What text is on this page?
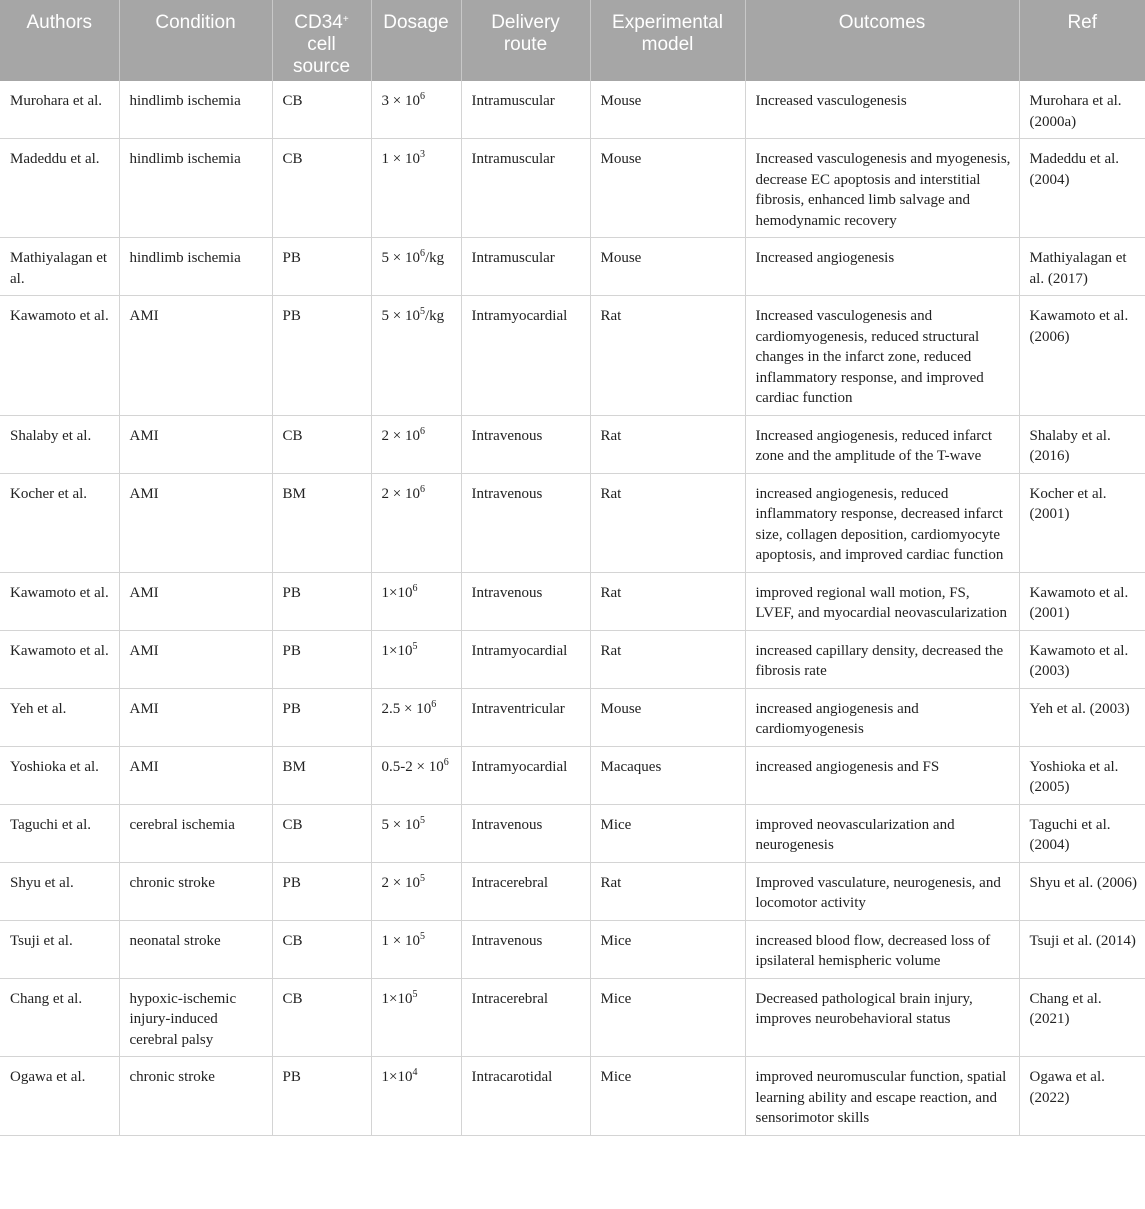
Authors	Condition	CD34+ cell source	Dosage	Delivery route	Experimental model	Outcomes	Ref
Murohara et al.	hindlimb ischemia	CB	$3 \times 10^6$	Intramuscular	Mouse	Increased vasculogenesis	Murohara et al. (2000a)
Madeddu et al.	hindlimb ischemia	CB	$1 \times 10^3$	Intramuscular	Mouse	Increased vasculogenesis and myogenesis, decrease EC apoptosis and interstitial fibrosis, enhanced limb salvage and hemodynamic recovery	Madeddu et al. (2004)
Mathiyalagan et al.	hindlimb ischemia	PB	$5 \times 10^6/kg$	Intramuscular	Mouse	Increased angiogenesis	Mathiyalagan et al. (2017)
Kawamoto et al.	AMI	PB	$5 \times 10^5/kg$	Intramyocardial	Rat	Increased vasculogenesis and cardiomyogenesis, reduced structural changes in the infarct zone, reduced inflammatory response, and improved cardiac function	Kawamoto et al. (2006)
Shalaby et al.	AMI	CB	$2 \times 10^6$	Intravenous	Rat	Increased angiogenesis, reduced infarct zone and the amplitude of the T-wave	Shalaby et al. (2016)
Kocher et al.	AMI	BM	$2 \times 10^6$	Intravenous	Rat	increased angiogenesis, reduced inflammatory response, decreased infarct size, collagen deposition, cardiomyocyte apoptosis, and improved cardiac function	Kocher et al. (2001)
Kawamoto et al.	AMI	PB	$1\times 10^6$	Intravenous	Rat	improved regional wall motion, FS, LVEF, and myocardial neovascularization	Kawamoto et al. (2001)
Kawamoto et al.	AMI	PB	$1\times 10^5$	Intramyocardial	Rat	increased capillary density, decreased the fibrosis rate	Kawamoto et al. (2003)
Yeh et al.	AMI	PB	$2.5 \times 10^6$	Intraventricular	Mouse	increased angiogenesis and cardiomyogenesis	Yeh et al. (2003)
Yoshioka et al.	AMI	BM	$0.5-2 \times 10^6$	Intramyocardial	Macaques	increased angiogenesis and FS	Yoshioka et al. (2005)
Taguchi et al.	cerebral ischemia	CB	$5 \times 10^5$	Intravenous	Mice	improved neovascularization and neurogenesis	Taguchi et al. (2004)
Shyu et al.	chronic stroke	PB	$2 \times 10^5$	Intracerebral	Rat	Improved vasculature, neurogenesis, and locomotor activity	Shyu et al. (2006)
Tsuji et al.	neonatal stroke	CB	$1 \times 10^5$	Intravenous	Mice	increased blood flow, decreased loss of ipsilateral hemispheric volume	Tsuji et al. (2014)
Chang et al.	hypoxic-ischemic injury-induced cerebral palsy	CB	$1\times 10^5$	Intracerebral	Mice	Decreased pathological brain injury, improves neurobehavioral status	Chang et al. (2021)
Ogawa et al.	chronic stroke	PB	$1\times 10^4$	Intracarotidal	Mice	improved neuromuscular function, spatial learning ability and escape reaction, and sensorimotor skills	Ogawa et al. (2022)
